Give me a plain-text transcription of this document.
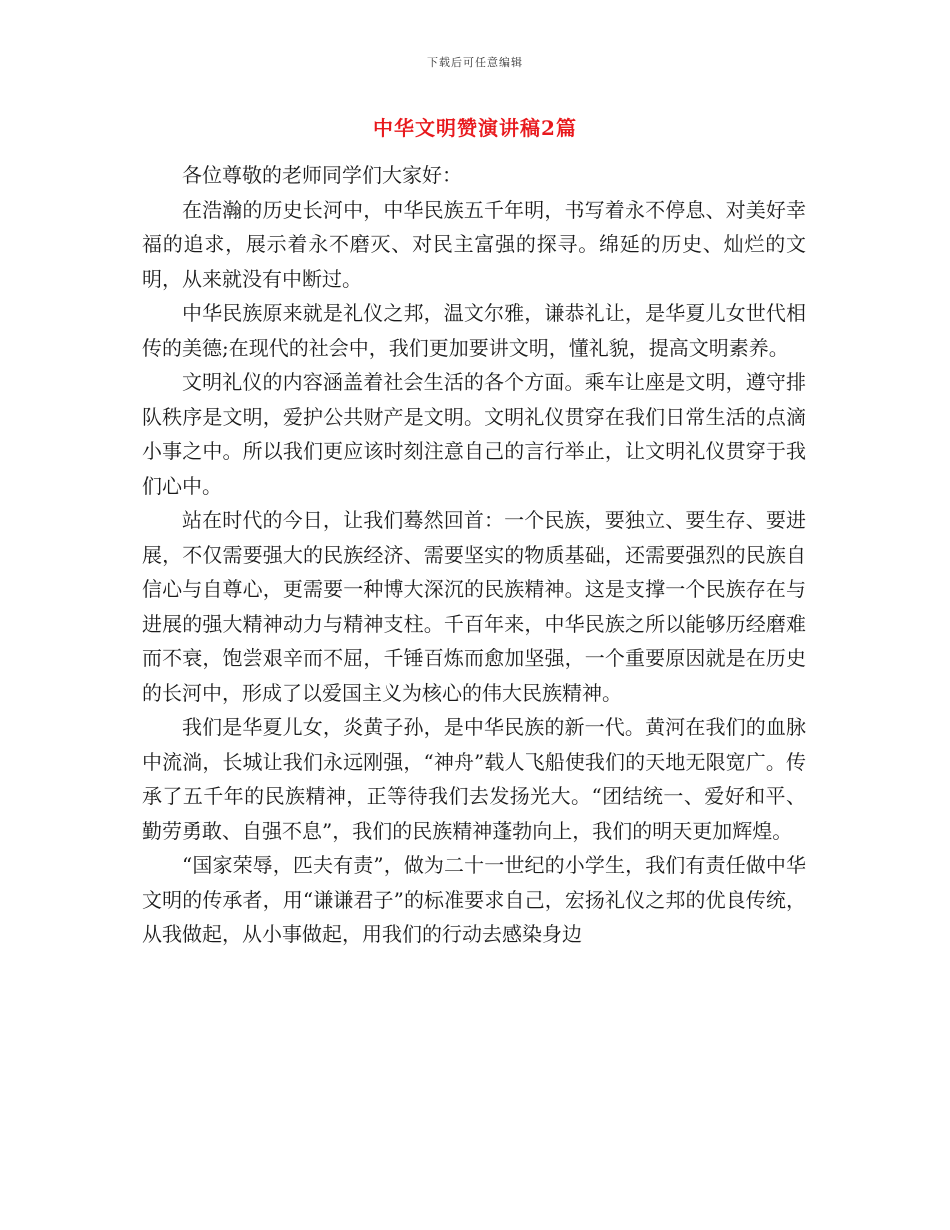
下载后可任意编辑
中华文明赞演讲稿2篇

各位尊敬的老师同学们大家好：

在浩瀚的历史长河中，中华民族五千年明，书写着永不停息、对美好幸福的追求，展示着永不磨灭、对民主富强的探寻。绵延的历史、灿烂的文明，从来就没有中断过。

中华民族原来就是礼仪之邦，温文尔雅，谦恭礼让，是华夏儿女世代相传的美德;在现代的社会中，我们更加要讲文明，懂礼貌，提高文明素养。

文明礼仪的内容涵盖着社会生活的各个方面。乘车让座是文明，遵守排队秩序是文明，爱护公共财产是文明。文明礼仪贯穿在我们日常生活的点滴小事之中。所以我们更应该时刻注意自己的言行举止，让文明礼仪贯穿于我们心中。

站在时代的今日，让我们蓦然回首：一个民族，要独立、要生存、要进展，不仅需要强大的民族经济、需要坚实的物质基础，还需要强烈的民族自信心与自尊心，更需要一种博大深沉的民族精神。这是支撑一个民族存在与进展的强大精神动力与精神支柱。千百年来，中华民族之所以能够历经磨难而不衰，饱尝艰辛而不屈，千锤百炼而愈加坚强，一个重要原因就是在历史的长河中，形成了以爱国主义为核心的伟大民族精神。

我们是华夏儿女，炎黄子孙，是中华民族的新一代。黄河在我们的血脉中流淌，长城让我们永远刚强，“神舟”载人飞船使我们的天地无限宽广。传承了五千年的民族精神，正等待我们去发扬光大。“团结统一、爱好和平、勤劳勇敢、自强不息”，我们的民族精神蓬勃向上，我们的明天更加辉煌。

“国家荣辱，匹夫有责”，做为二十一世纪的小学生，我们有责任做中华文明的传承者，用“谦谦君子”的标准要求自己，宏扬礼仪之邦的优良传统，从我做起，从小事做起，用我们的行动去感染身边
